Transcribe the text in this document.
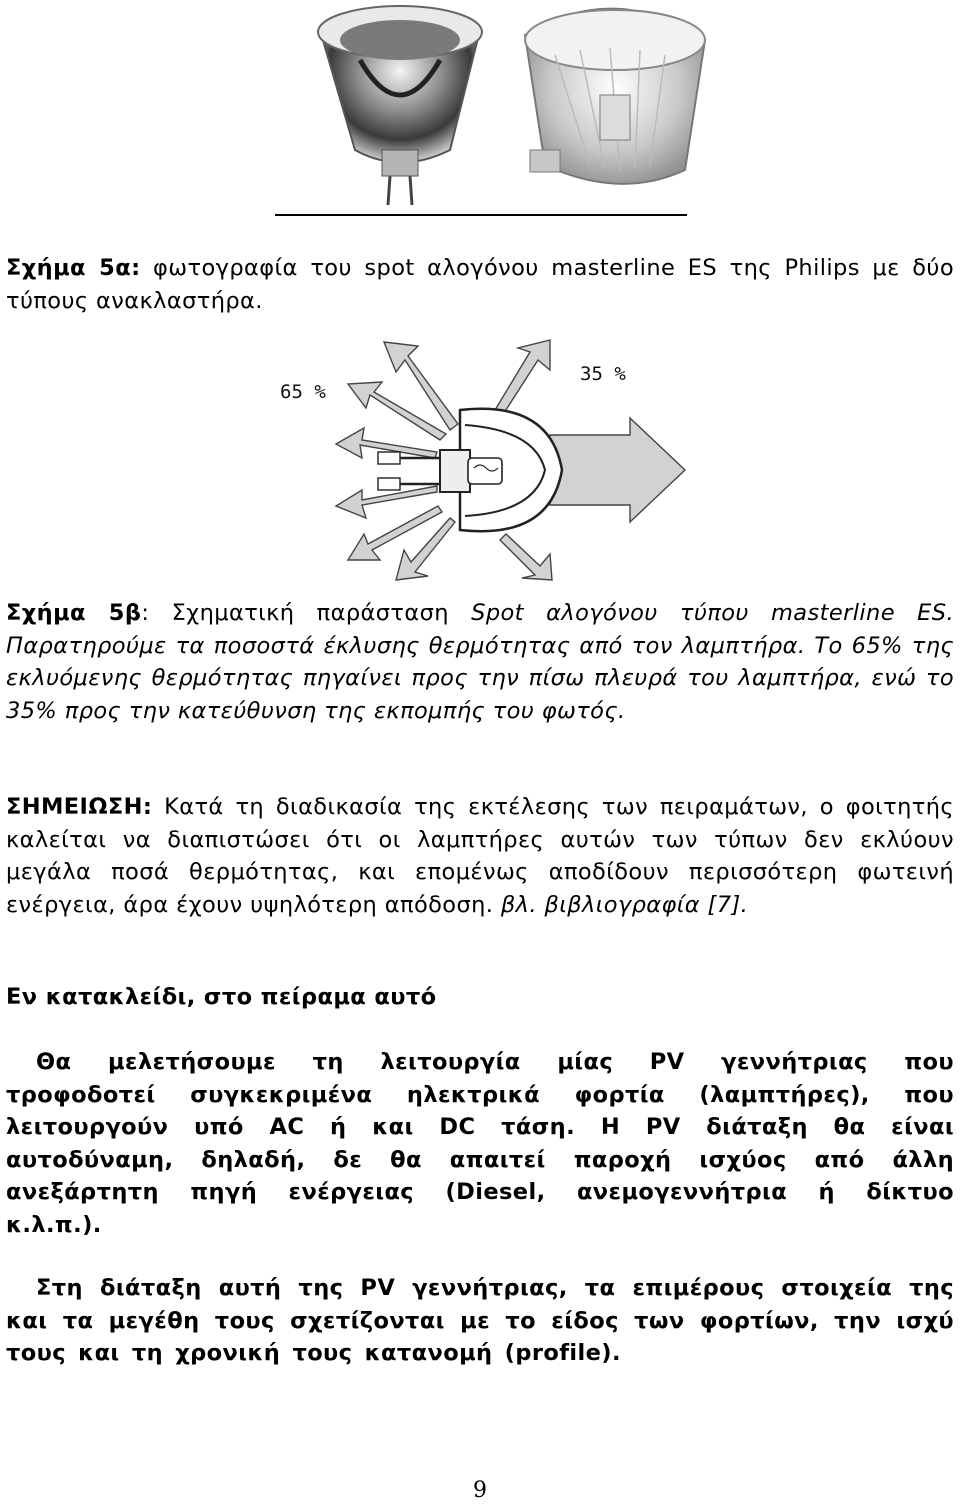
Σχήμα 5α: φωτογραφία του spot αλογόνου masterline ES της Philips με δύο τύπους ανακλαστήρα.

65 %
35 %

Σχήμα 5β: Σχηματική παράσταση Spot αλογόνου τύπου masterline ES. Παρατηρούμε τα ποσοστά έκλυσης θερμότητας από τον λαμπτήρα. Το 65% της εκλυόμενης θερμότητας πηγαίνει προς την πίσω πλευρά του λαμπτήρα, ενώ το 35% προς την κατεύθυνση της εκπομπής του φωτός.

ΣΗΜΕΙΩΣΗ: Κατά τη διαδικασία της εκτέλεσης των πειραμάτων, ο φοιτητής καλείται να διαπιστώσει ότι οι λαμπτήρες αυτών των τύπων δεν εκλύουν μεγάλα ποσά θερμότητας, και επομένως αποδίδουν περισσότερη φωτεινή ενέργεια, άρα έχουν υψηλότερη απόδοση. βλ. βιβλιογραφία [7].

Εν κατακλείδι, στο πείραμα αυτό

Θα μελετήσουμε τη λειτουργία μίας PV γεννήτριας που τροφοδοτεί συγκεκριμένα ηλεκτρικά φορτία (λαμπτήρες), που λειτουργούν υπό AC ή και DC τάση. Η PV διάταξη θα είναι αυτοδύναμη, δηλαδή, δε θα απαιτεί παροχή ισχύος από άλλη ανεξάρτητη πηγή ενέργειας (Diesel, ανεμογεννήτρια ή δίκτυο κ.λ.π.).

Στη διάταξη αυτή της PV γεννήτριας, τα επιμέρους στοιχεία της και τα μεγέθη τους σχετίζονται με το είδος των φορτίων, την ισχύ τους και τη χρονική τους κατανομή (profile).

9
